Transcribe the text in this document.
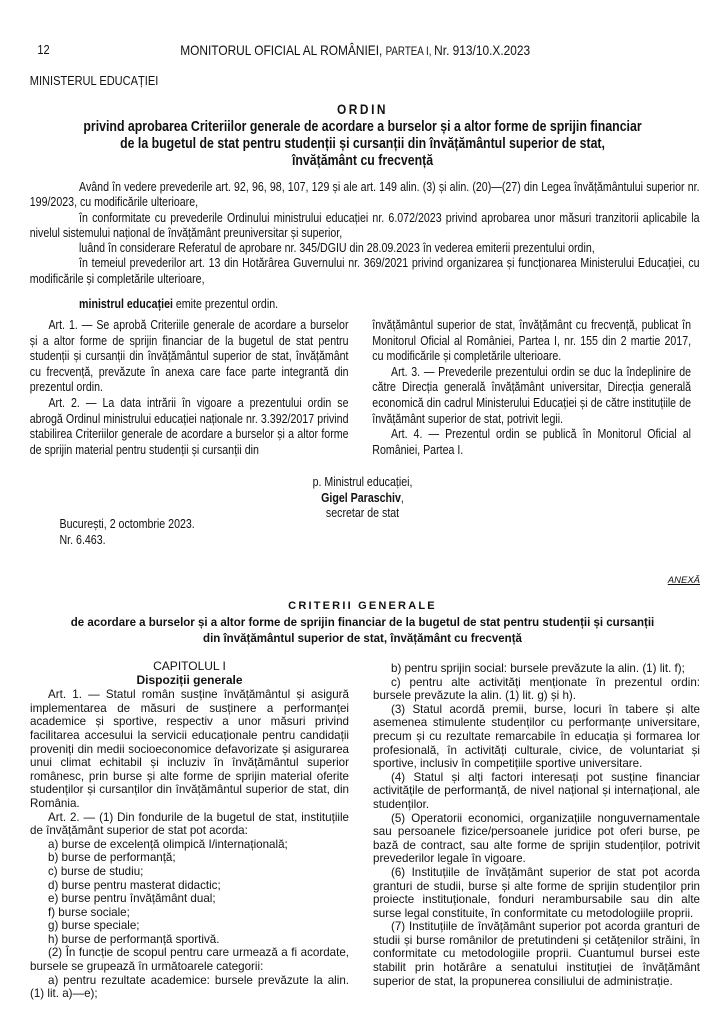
12	MONITORUL OFICIAL AL ROMÂNIEI, PARTEA I, Nr. 913/10.X.2023
MINISTERUL EDUCAȚIEI
ORDIN
privind aprobarea Criteriilor generale de acordare a burselor și a altor forme de sprijin financiar
de la bugetul de stat pentru studenții și cursanții din învățământul superior de stat,
învățământ cu frecvență

Având în vedere prevederile art. 92, 96, 98, 107, 129 și ale art. 149 alin. (3) și alin. (20)—(27) din Legea învățământului superior nr. 199/2023, cu modificările ulterioare,

în conformitate cu prevederile Ordinului ministrului educației nr. 6.072/2023 privind aprobarea unor măsuri tranzitorii aplicabile la nivelul sistemului național de învățământ preuniversitar și superior,

luând în considerare Referatul de aprobare nr. 345/DGIU din 28.09.2023 în vederea emiterii prezentului ordin,

în temeiul prevederilor art. 13 din Hotărârea Guvernului nr. 369/2021 privind organizarea și funcționarea Ministerului Educației, cu modificările și completările ulterioare,

ministrul educației emite prezentul ordin.

Art. 1. — Se aprobă Criteriile generale de acordare a burselor și a altor forme de sprijin financiar de la bugetul de stat pentru studenții și cursanții din învățământul superior de stat, învățământ cu frecvență, prevăzute în anexa care face parte integrantă din prezentul ordin.

Art. 2. — La data intrării în vigoare a prezentului ordin se abrogă Ordinul ministrului educației naționale nr. 3.392/2017 privind stabilirea Criteriilor generale de acordare a burselor și a altor forme de sprijin material pentru studenții și cursanții din

învățământul superior de stat, învățământ cu frecvență, publicat în Monitorul Oficial al României, Partea I, nr. 155 din 2 martie 2017, cu modificările și completările ulterioare.

Art. 3. — Prevederile prezentului ordin se duc la îndeplinire de către Direcția generală învățământ universitar, Direcția generală economică din cadrul Ministerului Educației și de către instituțiile de învățământ superior de stat, potrivit legii.

Art. 4. — Prezentul ordin se publică în Monitorul Oficial al României, Partea I.

p. Ministrul educației,
Gigel Paraschiv,
secretar de stat
București, 2 octombrie 2023.
Nr. 6.463.
ANEXĂ
CRITERII GENERALE
de acordare a burselor și a altor forme de sprijin financiar de la bugetul de stat pentru studenții și cursanții
din învățământul superior de stat, învățământ cu frecvență

CAPITOLUL I

Dispoziții generale

Art. 1. — Statul român susține învățământul și asigură implementarea de măsuri de susținere a performanței academice și sportive, respectiv a unor măsuri privind facilitarea accesului la servicii educaționale pentru candidații proveniți din medii socioeconomice defavorizate și asigurarea unui climat echitabil și incluziv în învățământul superior românesc, prin burse și alte forme de sprijin material oferite studenților și cursanților din învățământul superior de stat, din România.

Art. 2. — (1) Din fondurile de la bugetul de stat, instituțiile de învățământ superior de stat pot acorda:

a) burse de excelență olimpică I/internațională;

b) burse de performanță;

c) burse de studiu;

d) burse pentru masterat didactic;

e) burse pentru învățământ dual;

f) burse sociale;

g) burse speciale;

h) burse de performanță sportivă.

(2) În funcție de scopul pentru care urmează a fi acordate, bursele se grupează în următoarele categorii:

a) pentru rezultate academice: bursele prevăzute la alin. (1) lit. a)—e);

b) pentru sprijin social: bursele prevăzute la alin. (1) lit. f);

c) pentru alte activități menționate în prezentul ordin: bursele prevăzute la alin. (1) lit. g) și h).

(3) Statul acordă premii, burse, locuri în tabere și alte asemenea stimulente studenților cu performanțe universitare, precum și cu rezultate remarcabile în educația și formarea lor profesională, în activități culturale, civice, de voluntariat și sportive, inclusiv în competițiile sportive universitare.

(4) Statul și alți factori interesați pot susține financiar activitățile de performanță, de nivel național și internațional, ale studenților.

(5) Operatorii economici, organizațiile nonguvernamentale sau persoanele fizice/persoanele juridice pot oferi burse, pe bază de contract, sau alte forme de sprijin studenților, potrivit prevederilor legale în vigoare.

(6) Instituțiile de învățământ superior de stat pot acorda granturi de studii, burse și alte forme de sprijin studenților prin proiecte instituționale, fonduri nerambursabile sau din alte surse legal constituite, în conformitate cu metodologiile proprii.

(7) Instituțiile de învățământ superior pot acorda granturi de studii și burse românilor de pretutindeni și cetățenilor străini, în conformitate cu metodologiile proprii. Cuantumul bursei este stabilit prin hotărâre a senatului instituției de învățământ superior de stat, la propunerea consiliului de administrație.
